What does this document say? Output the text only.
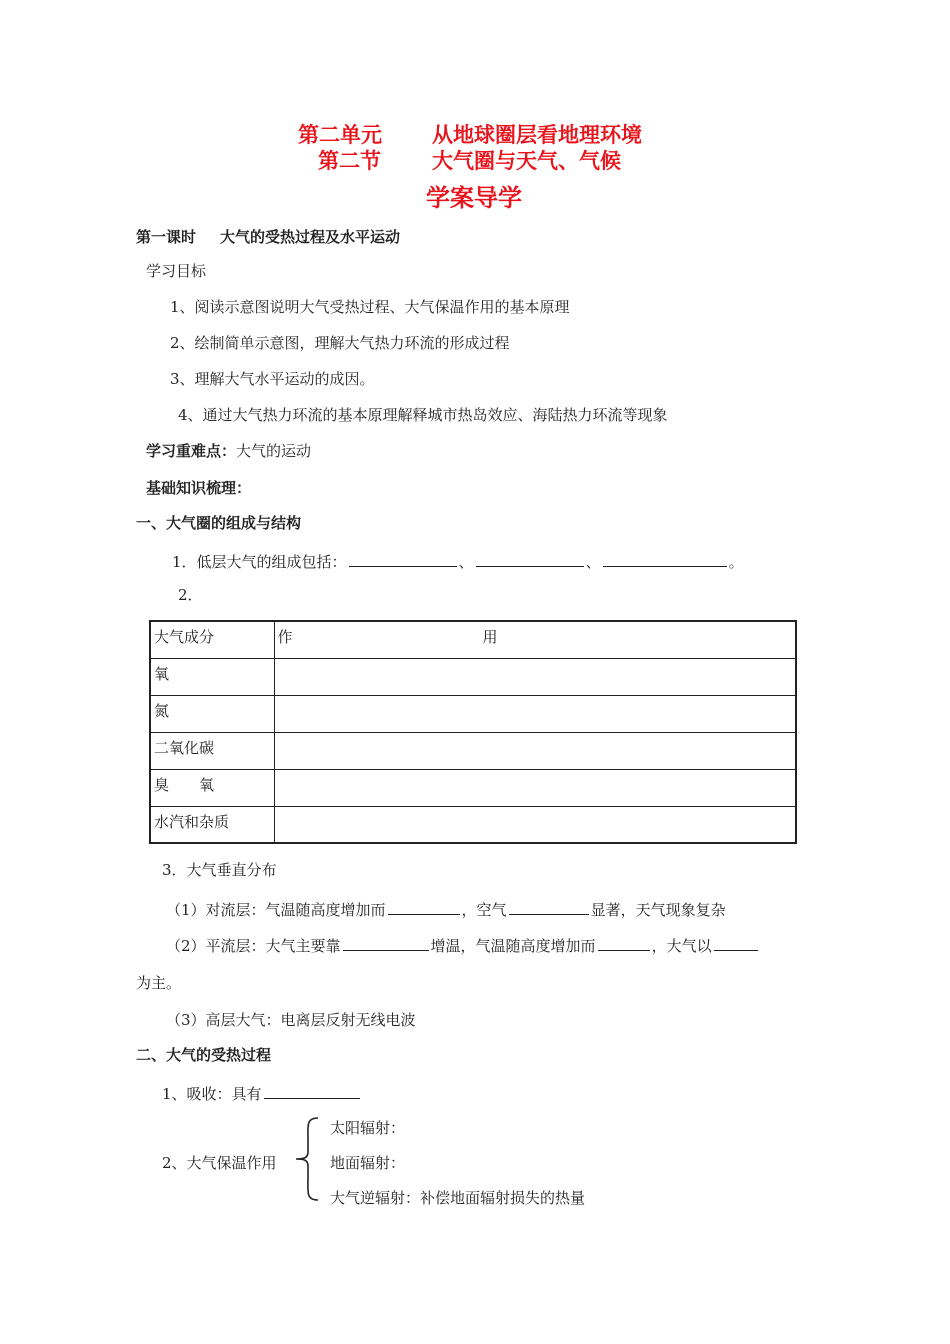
第二单元 从地球圈层看地理环境
第二节 大气圈与天气、气候
学案导学
第一课时 大气的受热过程及水平运动
学习目标
1、阅读示意图说明大气受热过程、大气保温作用的基本原理
2、绘制简单示意图，理解大气热力环流的形成过程
3、理解大气水平运动的成因。
4、通过大气热力环流的基本原理解释城市热岛效应、海陆热力环流等现象
学习重难点：大气的运动
基础知识梳理：
一、大气圈的组成与结构
1．低层大气的组成包括：	、	、	。
2．
大气成分	作 用

氧	
氮	
二氧化碳	
臭　　氧	
水汽和杂质	
3．大气垂直分布
（1）对流层：气温随高度增加而	，空气	显著，天气现象复杂
（2）平流层：大气主要靠	增温，气温随高度增加而	，大气以
为主。
（3）高层大气：电离层反射无线电波
二、大气的受热过程
1、吸收：具有
2、大气保温作用
太阳辐射：
地面辐射：
大气逆辐射：补偿地面辐射损失的热量
